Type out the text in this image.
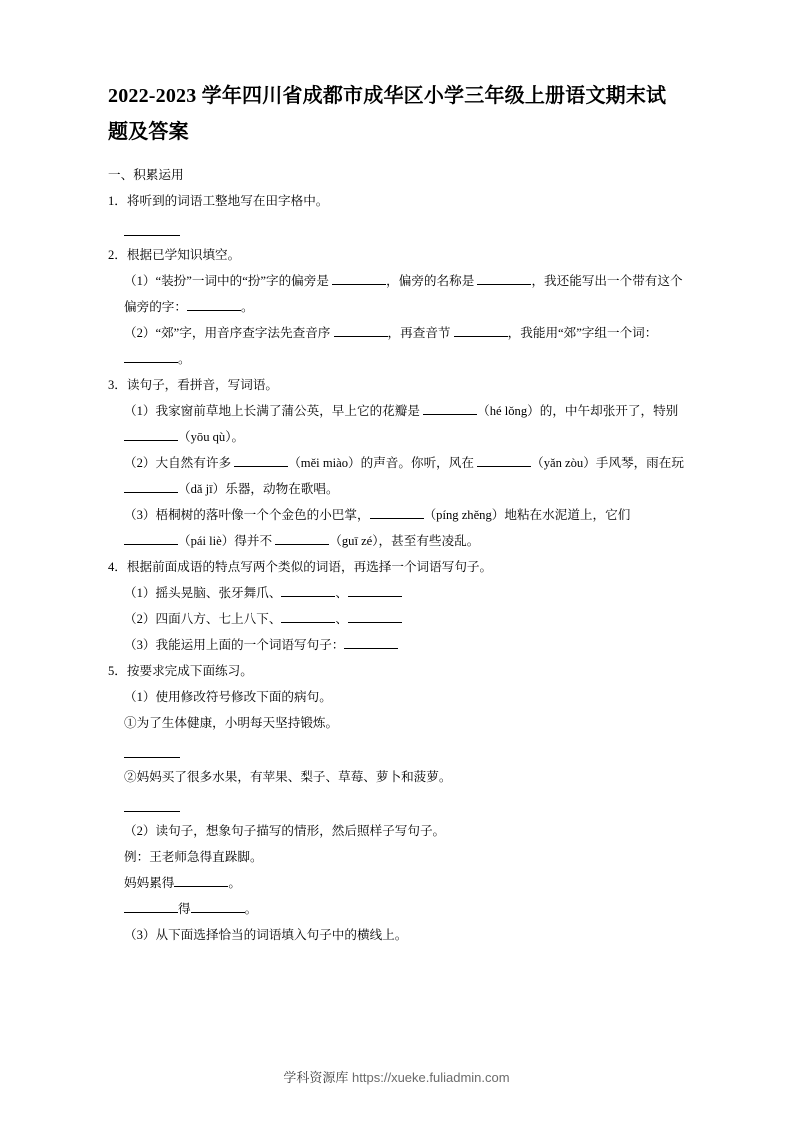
2022-2023 学年四川省成都市成华区小学三年级上册语文期末试题及答案

一、积累运用

1．将听到的词语工整地写在田字格中。

2．根据已学知识填空。

（1）“装扮”一词中的“扮”字的偏旁是	，偏旁的名称是	，我还能写出一个带有这个偏旁的字：	。

（2）“郊”字，用音序查字法先查音序	，再查音节	，我能用“郊”字组一个词：。

3．读句子，看拼音，写词语。

（1）我家窗前草地上长满了蒲公英，早上它的花瓣是	（hé lǒng）的，中午却张开了，特别 （yōu qù）。

（2）大自然有许多	（měi miào）的声音。你听，风在	（yǎn zòu）手风琴，雨在玩 （dǎ jī）乐器，动物在歌唱。

（3）梧桐树的落叶像一个个金色的小巴掌，	（píng zhěng）地粘在水泥道上，它们 （pái liè）得并不	（guī zé），甚至有些凌乱。

4．根据前面成语的特点写两个类似的词语，再选择一个词语写句子。

（1）摇头晃脑、张牙舞爪、	、

（2）四面八方、七上八下、	、

（3）我能运用上面的一个词语写句子：

5．按要求完成下面练习。

（1）使用修改符号修改下面的病句。

①为了生体健康，小明每天坚持锻炼。

②妈妈买了很多水果，有苹果、梨子、草莓、萝卜和菠萝。

（2）读句子，想象句子描写的情形，然后照样子写句子。

例：王老师急得直跺脚。

妈妈累得	。

得	。

（3）从下面选择恰当的词语填入句子中的横线上。

学科资源库 https://xueke.fuliadmin.com
